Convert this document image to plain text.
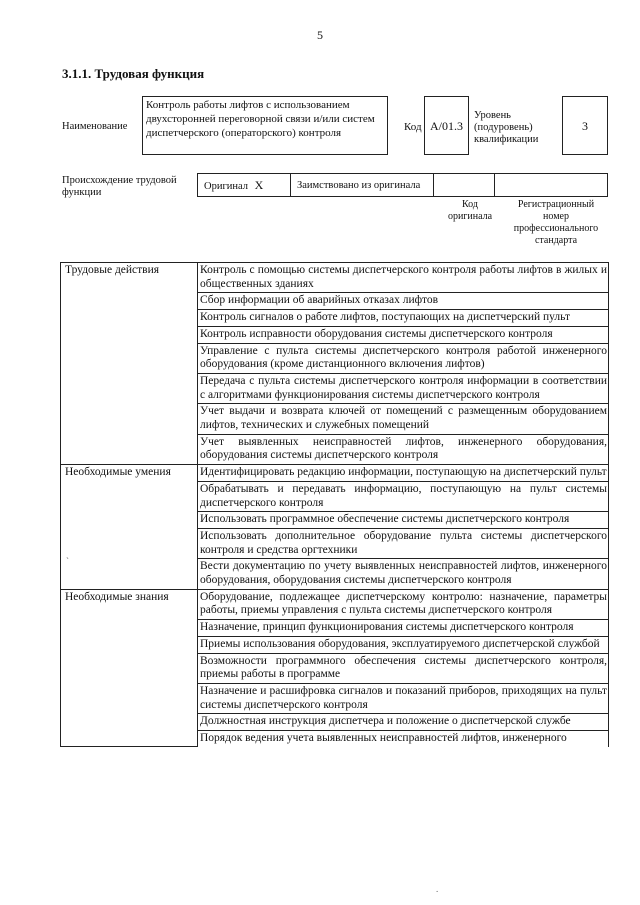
5
3.1.1. Трудовая функция
Наименование
Контроль работы лифтов с использованием двухсторонней переговорной связи и/или систем диспетчерского (операторского) контроля	Код A/01.3
Уровень (подуровень) квалификации
3
Происхождение трудовой функции
Оригинал X	Заимствовано из оригинала		
Код оригинала
Регистрационный номер профессионального стандарта
Трудовые действия	Контроль с помощью системы диспетчерского контроля работы лифтов в жилых и общественных зданиях
	Сбор информации об аварийных отказах лифтов
	Контроль сигналов о работе лифтов, поступающих на диспетчерский пульт
	Контроль исправности оборудования системы диспетчерского контроля
	Управление с пульта системы диспетчерского контроля работой инженерного оборудования (кроме дистанционного включения лифтов)
	Передача с пульта системы диспетчерского контроля информации в соответствии с алгоритмами функционирования системы диспетчерского контроля
	Учет выдачи и возврата ключей от помещений с размещенным оборудованием лифтов, технических и служебных помещений
	Учет выявленных неисправностей лифтов, инженерного оборудования, оборудования системы диспетчерского контроля
Необходимые умения	Идентифицировать редакцию информации, поступающую на диспетчерский пульт
	Обрабатывать и передавать информацию, поступающую на пульт системы диспетчерского контроля
	Использовать программное обеспечение системы диспетчерского контроля
	Использовать дополнительное оборудование пульта системы диспетчерского контроля и средства оргтехники
	Вести документацию по учету выявленных неисправностей лифтов, инженерного оборудования, оборудования системы диспетчерского контроля
Необходимые знания	Оборудование, подлежащее диспетчерскому контролю: назначение, параметры работы, приемы управления с пульта системы диспетчерского контроля
	Назначение, принцип функционирования системы диспетчерского контроля
	Приемы использования оборудования, эксплуатируемого диспетчерской службой
	Возможности программного обеспечения системы диспетчерского контроля, приемы работы в программе
	Назначение и расшифровка сигналов и показаний приборов, приходящих на пульт системы диспетчерского контроля
	Должностная инструкция диспетчера и положение о диспетчерской службе
	Порядок ведения учета выявленных неисправностей лифтов, инженерного
`
.
